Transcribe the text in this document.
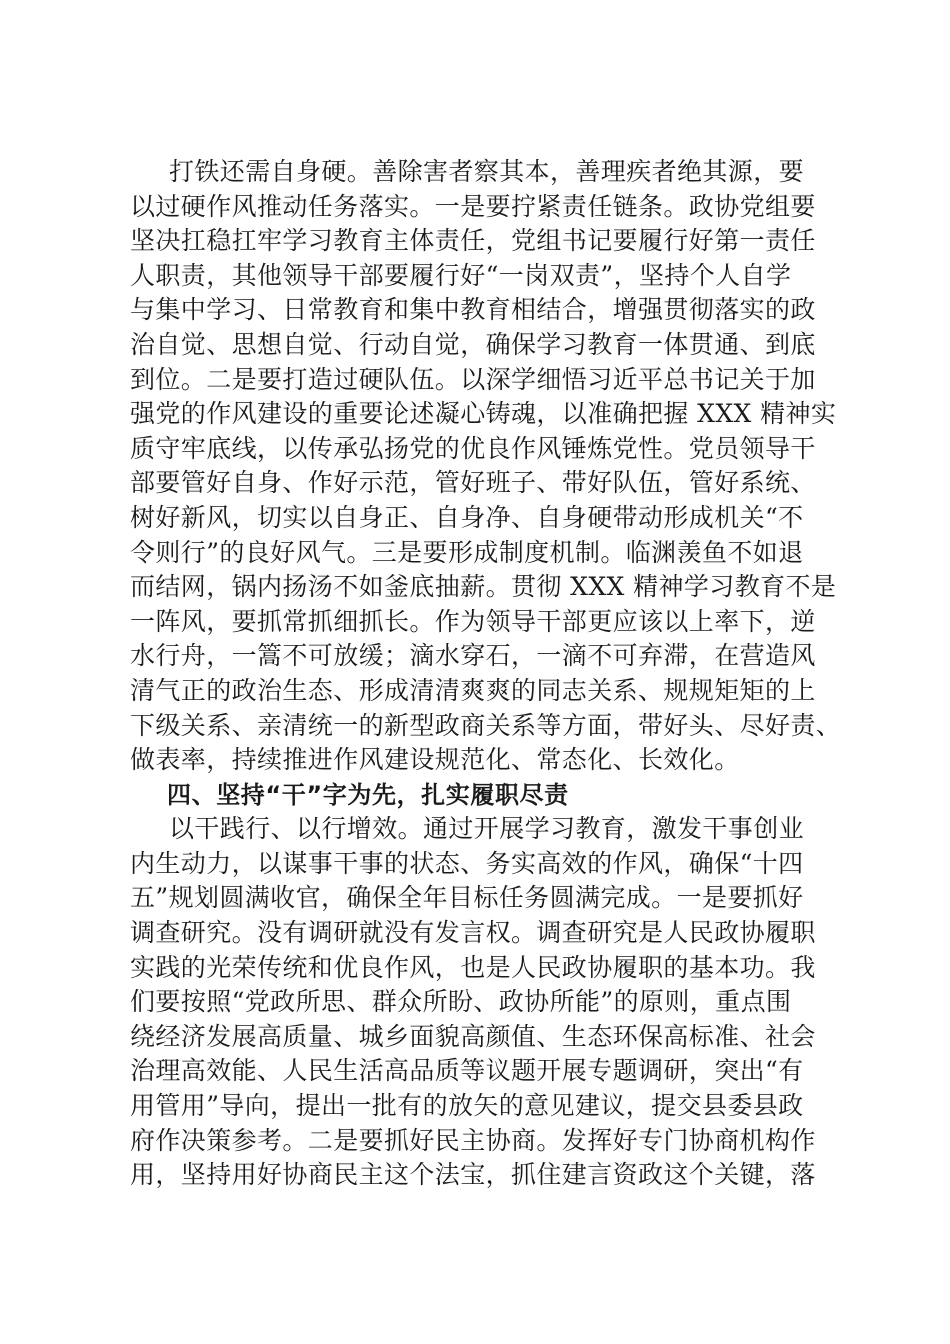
打铁还需自身硬。善除害者察其本，善理疾者绝其源，要
以过硬作风推动任务落实。一是要拧紧责任链条。政协党组要
坚决扛稳扛牢学习教育主体责任，党组书记要履行好第一责任
人职责，其他领导干部要履行好“一岗双责”，坚持个人自学
与集中学习、日常教育和集中教育相结合，增强贯彻落实的政
治自觉、思想自觉、行动自觉，确保学习教育一体贯通、到底
到位。二是要打造过硬队伍。以深学细悟习近平总书记关于加
强党的作风建设的重要论述凝心铸魂，以准确把握 XXX 精神实
质守牢底线，以传承弘扬党的优良作风锤炼党性。党员领导干
部要管好自身、作好示范，管好班子、带好队伍，管好系统、
树好新风，切实以自身正、自身净、自身硬带动形成机关“不
令则行”的良好风气。三是要形成制度机制。临渊羡鱼不如退
而结网，锅内扬汤不如釜底抽薪。贯彻 XXX 精神学习教育不是
一阵风，要抓常抓细抓长。作为领导干部更应该以上率下，逆
水行舟，一篙不可放缓；滴水穿石，一滴不可弃滞，在营造风
清气正的政治生态、形成清清爽爽的同志关系、规规矩矩的上
下级关系、亲清统一的新型政商关系等方面，带好头、尽好责、
做表率，持续推进作风建设规范化、常态化、长效化。
四、坚持“干”字为先，扎实履职尽责
以干践行、以行增效。通过开展学习教育，激发干事创业
内生动力，以谋事干事的状态、务实高效的作风，确保“十四
五”规划圆满收官，确保全年目标任务圆满完成。一是要抓好
调查研究。没有调研就没有发言权。调查研究是人民政协履职
实践的光荣传统和优良作风，也是人民政协履职的基本功。我
们要按照“党政所思、群众所盼、政协所能”的原则，重点围
绕经济发展高质量、城乡面貌高颜值、生态环保高标准、社会
治理高效能、人民生活高品质等议题开展专题调研，突出“有
用管用”导向，提出一批有的放矢的意见建议，提交县委县政
府作决策参考。二是要抓好民主协商。发挥好专门协商机构作
用，坚持用好协商民主这个法宝，抓住建言资政这个关键，落
